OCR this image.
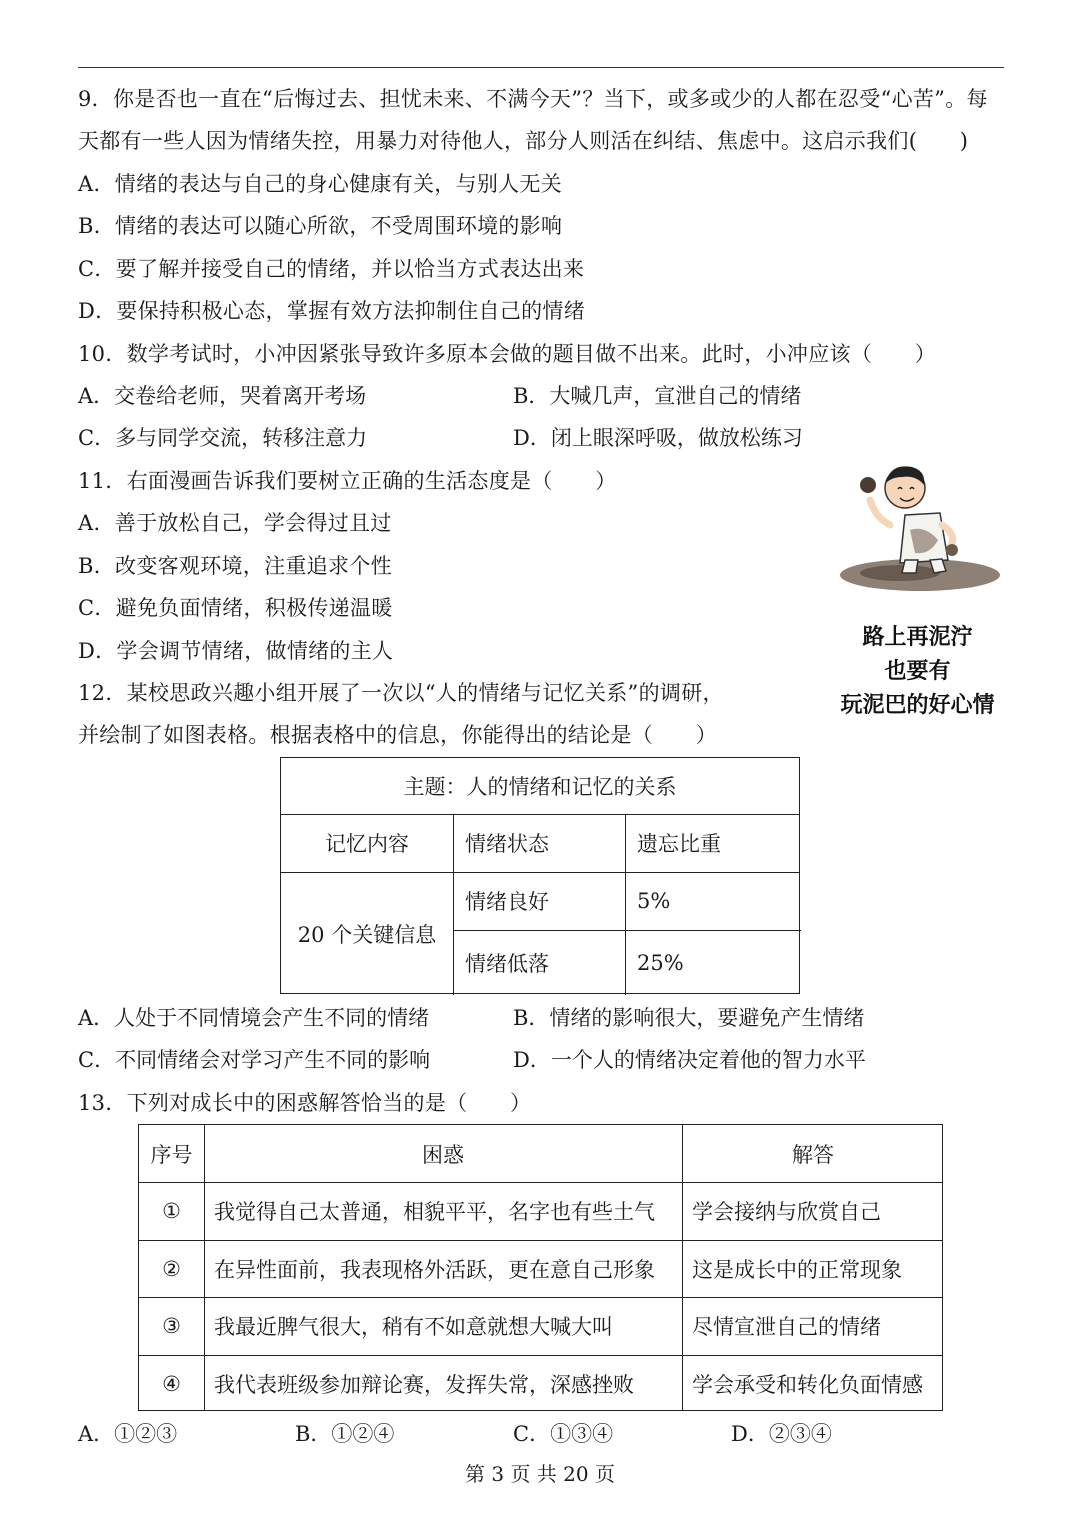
9．你是否也一直在“后悔过去、担忧未来、不满今天”？当下，或多或少的人都在忍受“心苦”。每
天都有一些人因为情绪失控，用暴力对待他人，部分人则活在纠结、焦虑中。这启示我们(　　)
A．情绪的表达与自己的身心健康有关，与别人无关
B．情绪的表达可以随心所欲，不受周围环境的影响
C．要了解并接受自己的情绪，并以恰当方式表达出来
D．要保持积极心态，掌握有效方法抑制住自己的情绪
10．数学考试时，小冲因紧张导致许多原本会做的题目做不出来。此时，小冲应该（　　）
A．交卷给老师，哭着离开考场	B．大喊几声，宣泄自己的情绪
C．多与同学交流，转移注意力	D．闭上眼深呼吸，做放松练习
11．右面漫画告诉我们要树立正确的生活态度是（　　）
A．善于放松自己，学会得过且过
B．改变客观环境，注重追求个性
C．避免负面情绪，积极传递温暖
D．学会调节情绪，做情绪的主人
路上再泥泞
也要有
玩泥巴的好心情
12．某校思政兴趣小组开展了一次以“人的情绪与记忆关系”的调研，
并绘制了如图表格。根据表格中的信息，你能得出的结论是（　　）
主题：人的情绪和记忆的关系
记忆内容	情绪状态	遗忘比重
20 个关键信息
情绪良好	5%
情绪低落	25%
A．人处于不同情境会产生不同的情绪	B．情绪的影响很大，要避免产生情绪
C．不同情绪会对学习产生不同的影响	D．一个人的情绪决定着他的智力水平
13．下列对成长中的困惑解答恰当的是（　　）
序号	困惑	解答
①	我觉得自己太普通，相貌平平，名字也有些土气	学会接纳与欣赏自己
②	在异性面前，我表现格外活跃，更在意自己形象	这是成长中的正常现象
③	我最近脾气很大，稍有不如意就想大喊大叫	尽情宣泄自己的情绪
④	我代表班级参加辩论赛，发挥失常，深感挫败	学会承受和转化负面情感
A．①②③	B．①②④	C．①③④	D．②③④
第 3 页 共 20 页
